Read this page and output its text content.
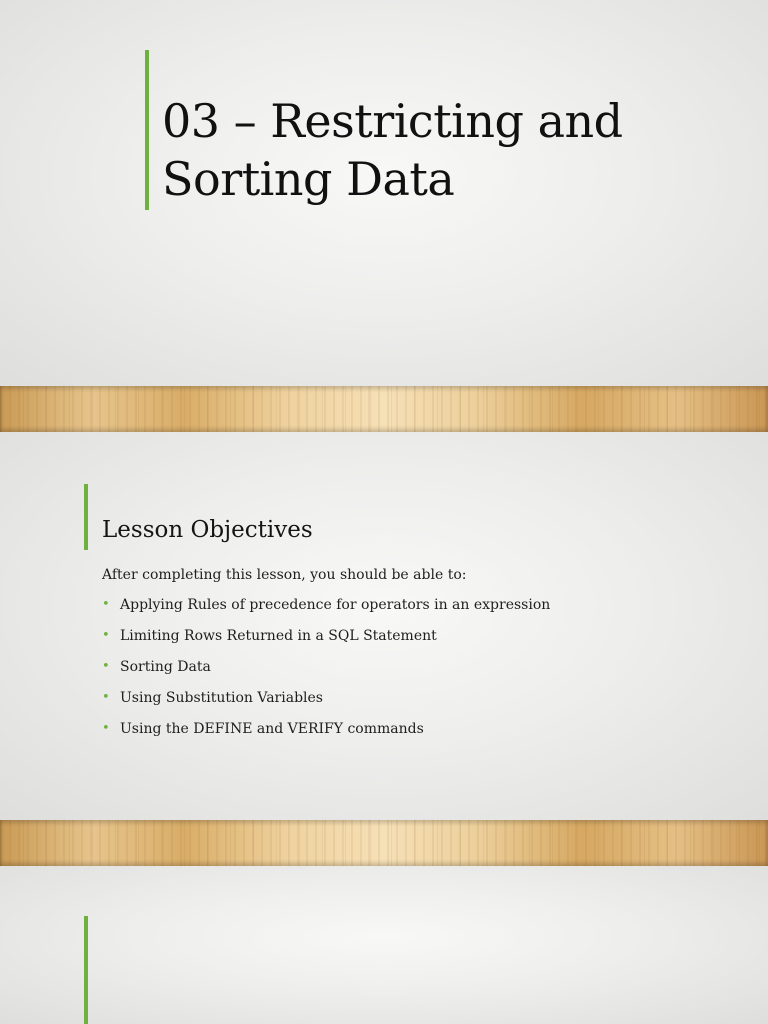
03 – Restricting and
Sorting Data
Lesson Objectives

After completing this lesson, you should be able to:

• Applying Rules of precedence for operators in an expression
• Limiting Rows Returned in a SQL Statement
• Sorting Data
• Using Substitution Variables
• Using the DEFINE and VERIFY commands
